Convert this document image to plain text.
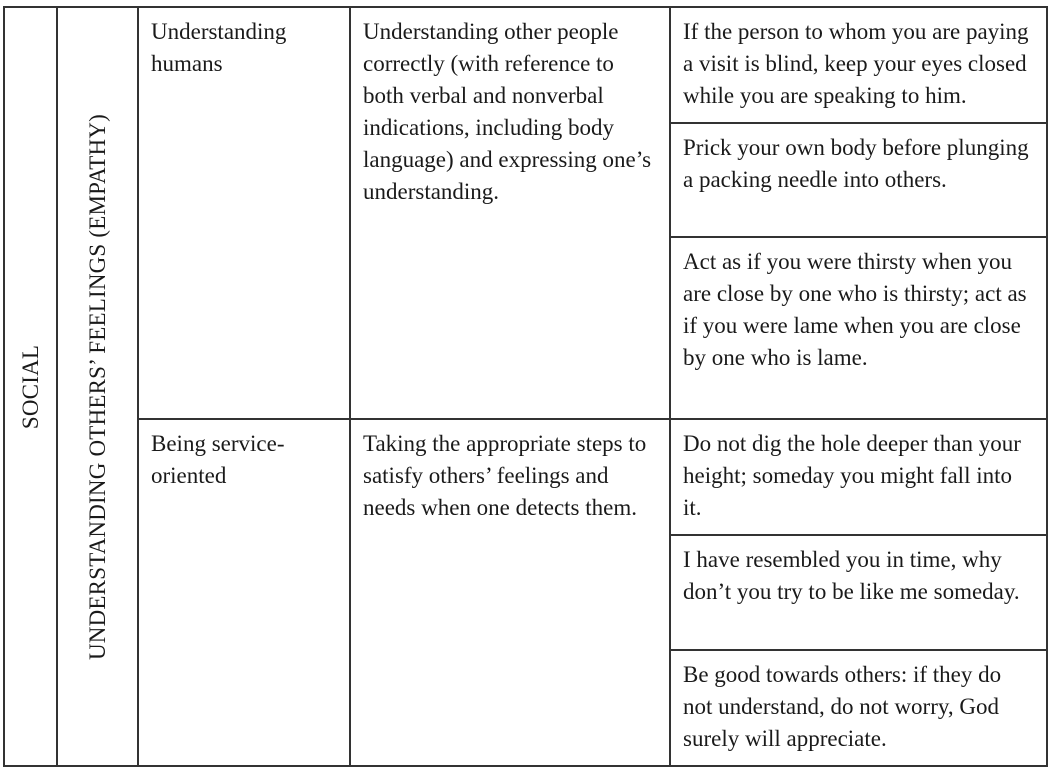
SOCIAL	UNDERSTANDING OTHERS’ FEELINGS (EMPATHY)	Understanding humans	Understanding other people correctly (with reference to both verbal and nonverbal indications, including body language) and expressing one’s understanding.	If the person to whom you are paying a visit is blind, keep your eyes closed while you are speaking to him.
				Prick your own body before plunging a packing needle into others.
				Act as if you were thirsty when you are close by one who is thirsty; act as if you were lame when you are close by one who is lame.
		Being service-oriented	Taking the appropriate steps to satisfy others’ feelings and needs when one detects them.	Do not dig the hole deeper than your height; someday you might fall into it.
				I have resembled you in time, why don’t you try to be like me someday.
				Be good towards others: if they do not understand, do not worry, God surely will appreciate.
